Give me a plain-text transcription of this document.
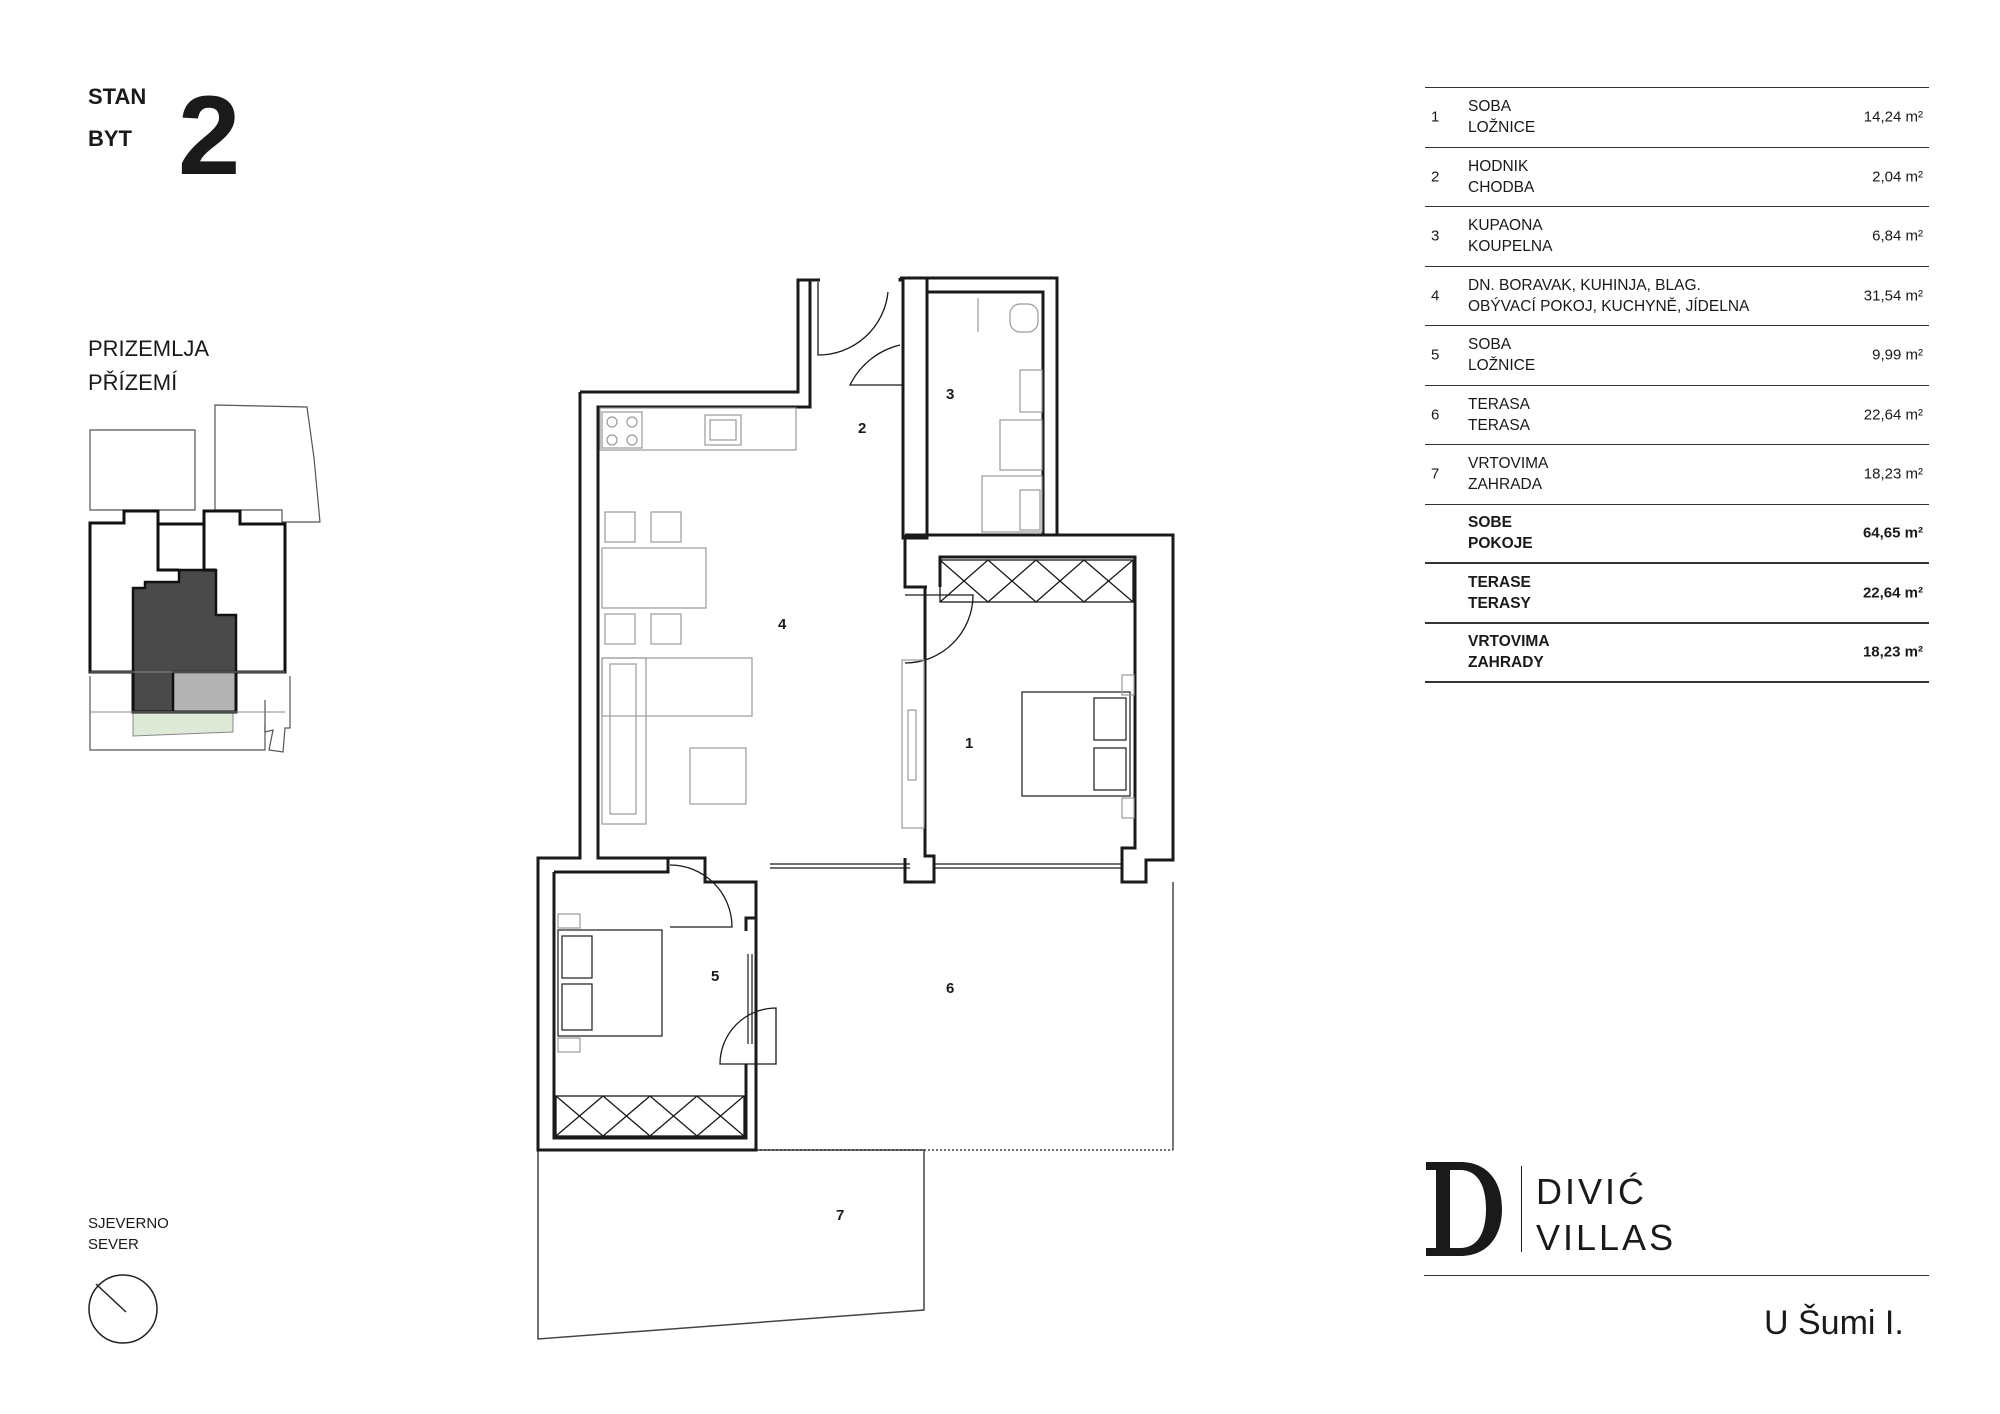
STAN
BYT 2
PRIZEMLJA
PŘÍZEMÍ
SJEVERNO
SEVER
1
2
3
4
5
6
7
1
SOBA
LOŽNICE
14,24 m²
2
HODNIK
CHODBA
2,04 m²
3
KUPAONA
KOUPELNA
6,84 m²
4
DN. BORAVAK, KUHINJA, BLAG.
OBÝVACÍ POKOJ, KUCHYNĚ, JÍDELNA
31,54 m²
5
SOBA
LOŽNICE
9,99 m²
6
TERASA
TERASA
22,64 m²
7
VRTOVIMA
ZAHRADA
18,23 m²
SOBE
POKOJE
64,65 m²
TERASE
TERASY
22,64 m²
VRTOVIMA
ZAHRADY
18,23 m²
DIVIĆ
VILLAS
U Šumi I.
